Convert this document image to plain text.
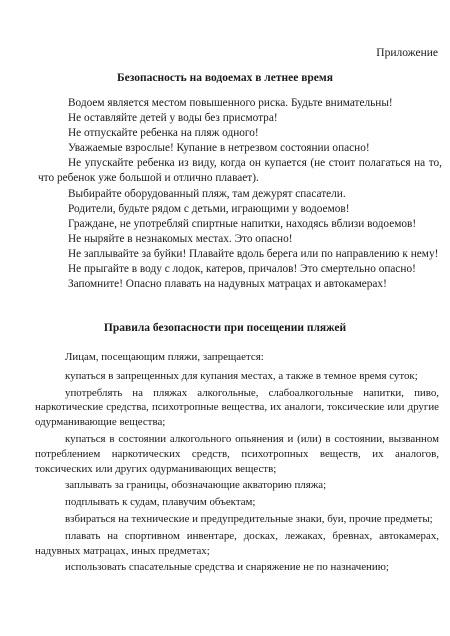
Приложение
Безопасность на водоемах в летнее время

Водоем является местом повышенного риска. Будьте внимательны!

Не оставляйте детей у воды без присмотра!

Не отпускайте ребенка на пляж одного!

Уважаемые взрослые! Купание в нетрезвом состоянии опасно!

Не упускайте ребенка из виду, когда он купается (не стоит полагаться на то, что ребенок уже большой и отлично плавает).

Выбирайте оборудованный пляж, там дежурят спасатели.

Родители, будьте рядом с детьми, играющими у водоемов!

Граждане, не употребляй спиртные напитки, находясь вблизи водоемов!

Не ныряйте в незнакомых местах. Это опасно!

Не заплывайте за буйки! Плавайте вдоль берега или по направлению к нему!

Не прыгайте в воду с лодок, катеров, причалов! Это смертельно опасно!

Запомните! Опасно плавать на надувных матрацах и автокамерах!

Правила безопасности при посещении пляжей

Лицам, посещающим пляжи, запрещается:

купаться в запрещенных для купания местах, а также в темное время суток;

употреблять на пляжах алкогольные, слабоалкогольные напитки, пиво, наркотические средства, психотропные вещества, их аналоги, токсические или другие одурманивающие вещества;

купаться в состоянии алкогольного опьянения и (или) в состоянии, вызванном потреблением наркотических средств, психотропных веществ, их аналогов, токсических или других одурманивающих веществ;

заплывать за границы, обозначающие акваторию пляжа;

подплывать к судам, плавучим объектам;

взбираться на технические и предупредительные знаки, буи, прочие предметы;

плавать на спортивном инвентаре, досках, лежаках, бревнах, автокамерах, надувных матрацах, иных предметах;

использовать спасательные средства и снаряжение не по назначению;
